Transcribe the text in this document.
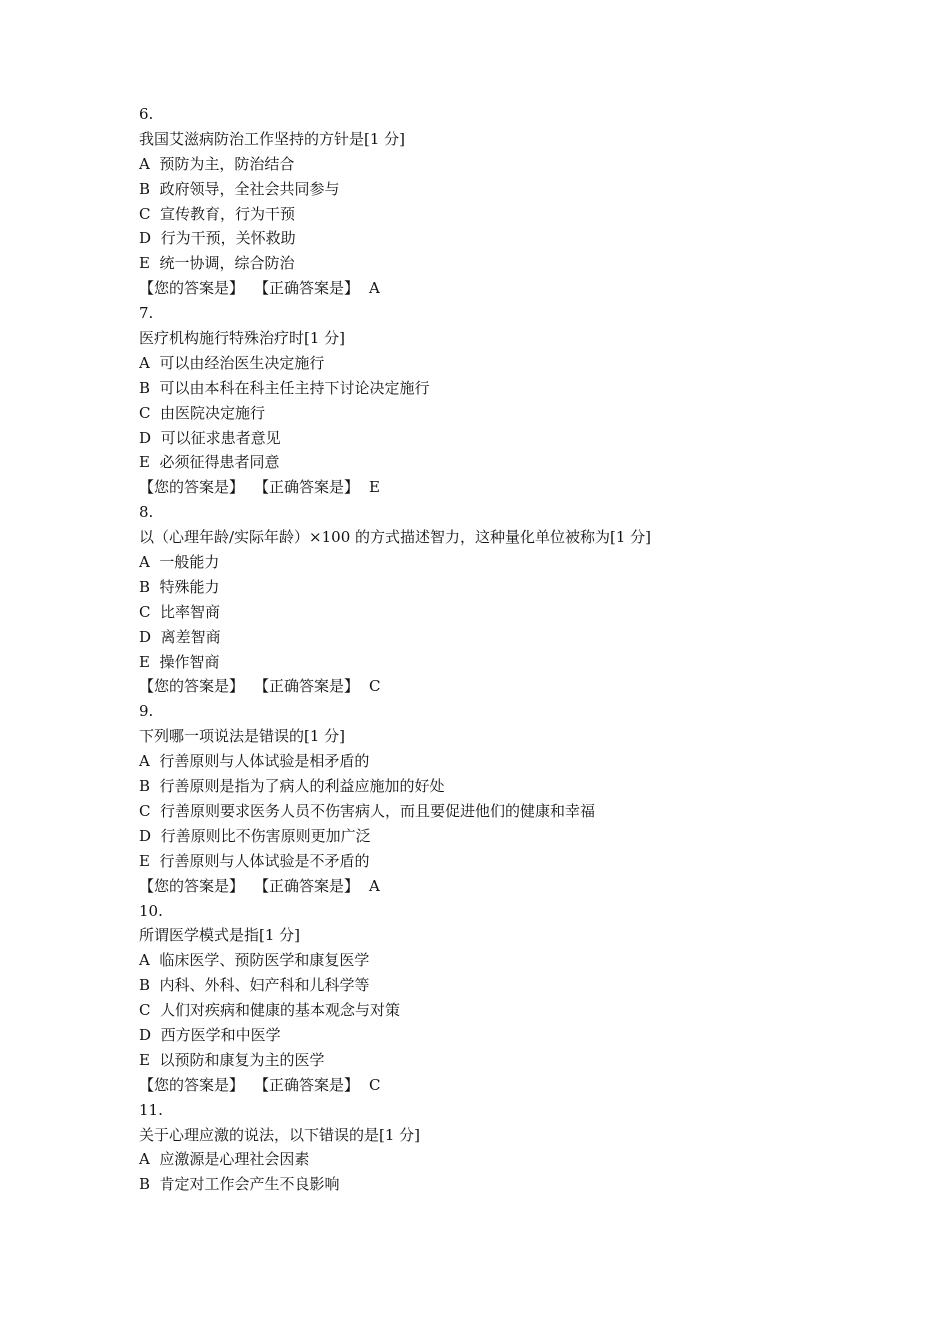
6.
我国艾滋病防治工作坚持的方针是[1 分]
A  预防为主，防治结合
B  政府领导，全社会共同参与
C  宣传教育，行为干预
D  行为干预，关怀救助
E  统一协调，综合防治
【您的答案是】 【正确答案是】 A
7.
医疗机构施行特殊治疗时[1 分]
A  可以由经治医生决定施行
B  可以由本科在科主任主持下讨论决定施行
C  由医院决定施行
D  可以征求患者意见
E  必须征得患者同意
【您的答案是】 【正确答案是】 E
8.
以（心理年龄/实际年龄）×100 的方式描述智力，这种量化单位被称为[1 分]
A  一般能力
B  特殊能力
C  比率智商
D  离差智商
E  操作智商
【您的答案是】 【正确答案是】 C
9.
下列哪一项说法是错误的[1 分]
A  行善原则与人体试验是相矛盾的
B  行善原则是指为了病人的利益应施加的好处
C  行善原则要求医务人员不伤害病人，而且要促进他们的健康和幸福
D  行善原则比不伤害原则更加广泛
E  行善原则与人体试验是不矛盾的
【您的答案是】 【正确答案是】 A
10.
所谓医学模式是指[1 分]
A  临床医学、预防医学和康复医学
B  内科、外科、妇产科和儿科学等
C  人们对疾病和健康的基本观念与对策
D  西方医学和中医学
E  以预防和康复为主的医学
【您的答案是】 【正确答案是】 C
11.
关于心理应激的说法，以下错误的是[1 分]
A  应激源是心理社会因素
B  肯定对工作会产生不良影响
